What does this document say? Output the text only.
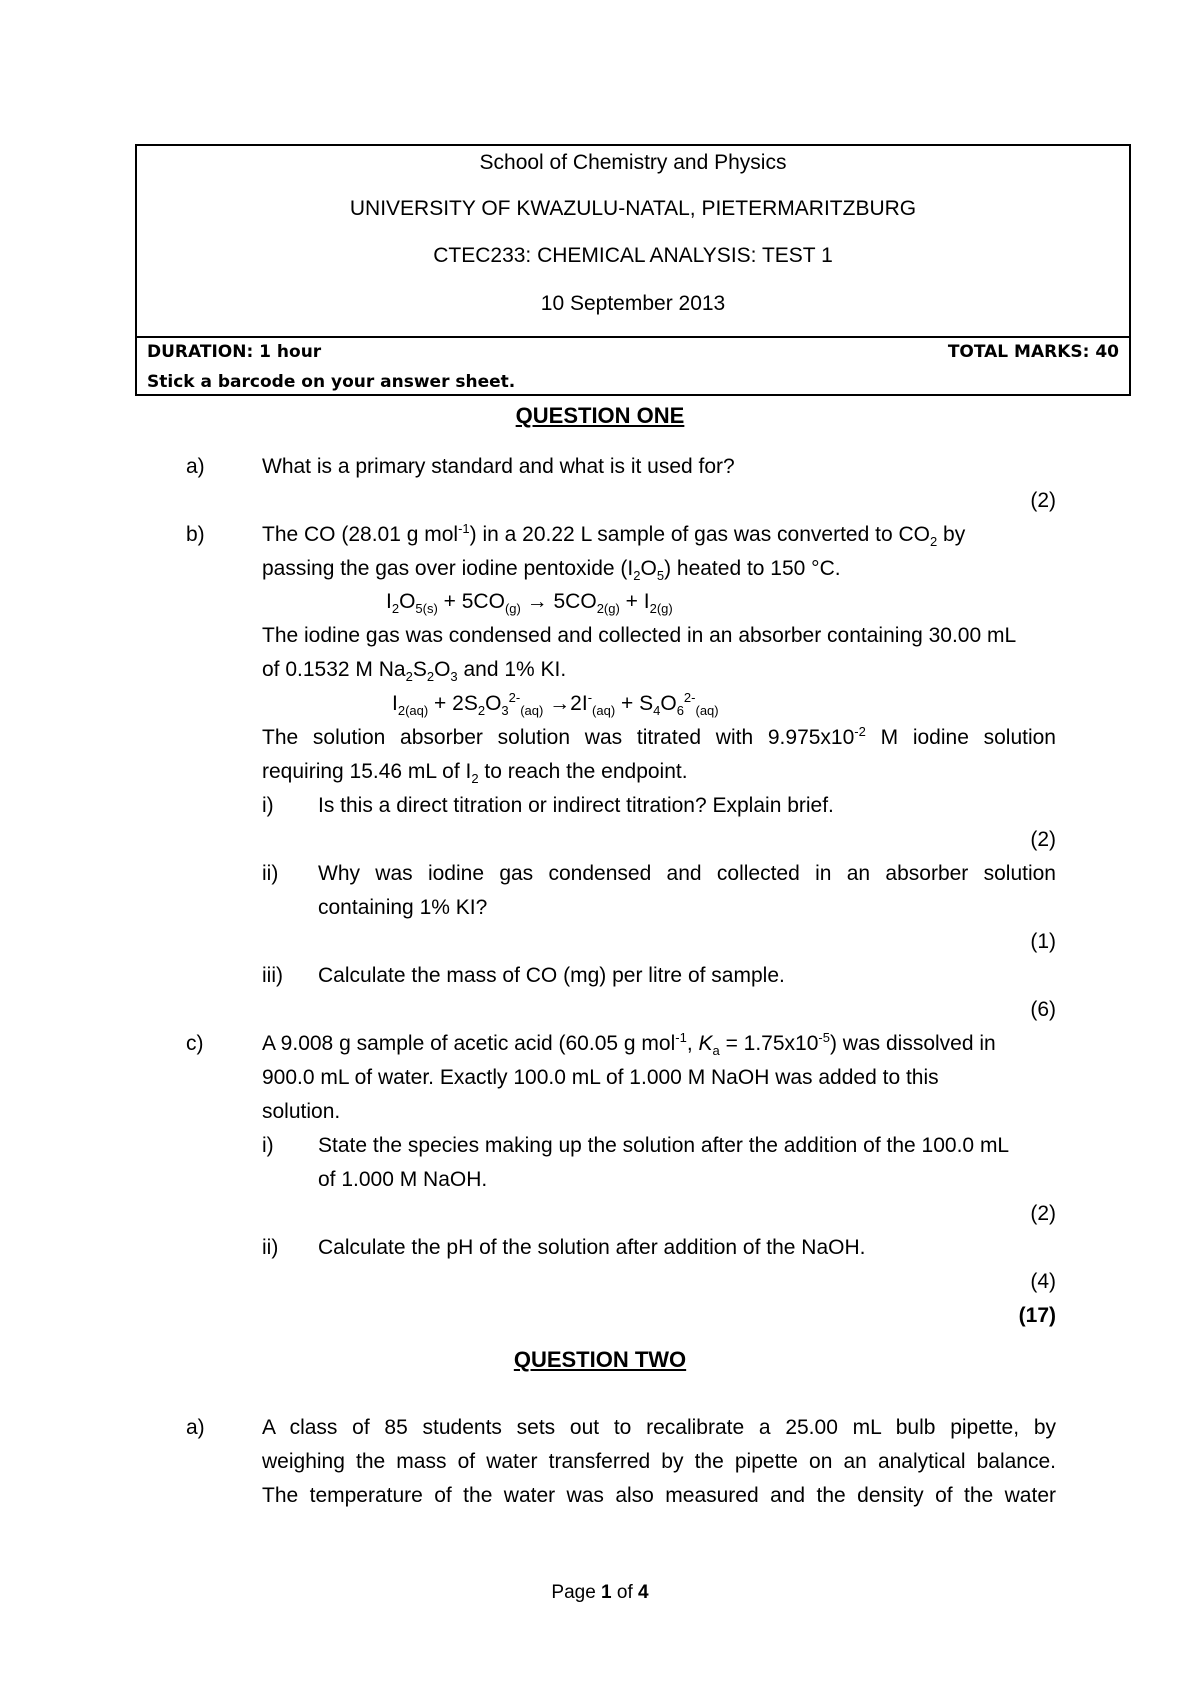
School of Chemistry and Physics
UNIVERSITY OF KWAZULU-NATAL, PIETERMARITZBURG
CTEC233: CHEMICAL ANALYSIS: TEST 1
10 September 2013
DURATION: 1 hour	TOTAL MARKS: 40
Stick a barcode on your answer sheet.
QUESTION ONE
a)	What is a primary standard and what is it used for?
(2)
b)	The CO (28.01 g mol$^{-1}$) in a 20.22 L sample of gas was converted to $CO_2$ by
passing the gas over iodine pentoxide $(I_2O_5)$ heated to 150 °C.
$I_2O_{5(s)} + 5CO_{(g)} \to 5CO_{2(g)} + I_{2(g)}$
The iodine gas was condensed and collected in an absorber containing 30.00 mL
of 0.1532 M $Na_2S_2O_3$ and 1% KI.
$I_{2(aq)} + 2S_2O_3^{2-}_{(aq)} \to 2I^-_{(aq)} + S_4O_6^{2-}_{(aq)}$
The solution absorber solution was titrated with $9.975x10^{-2}$ M iodine solution
requiring 15.46 mL of $I_2$ to reach the endpoint.
i) Is this a direct titration or indirect titration? Explain brief.
(2)
ii) Why was iodine gas condensed and collected in an absorber solution
containing 1% KI?
(1)
iii) Calculate the mass of CO (mg) per litre of sample.
(6)
c)	A 9.008 g sample of acetic acid (60.05 g mol$^{-1}$, $K_a = 1.75x10^{-5}$) was dissolved in
900.0 mL of water. Exactly 100.0 mL of 1.000 M NaOH was added to this
solution.
i) State the species making up the solution after the addition of the 100.0 mL
of 1.000 M NaOH.
(2)
ii) Calculate the pH of the solution after addition of the NaOH.
(4)
(17)
QUESTION TWO
a)	A class of 85 students sets out to recalibrate a 25.00 mL bulb pipette, by
weighing the mass of water transferred by the pipette on an analytical balance.
The temperature of the water was also measured and the density of the water
Page 1 of 4
